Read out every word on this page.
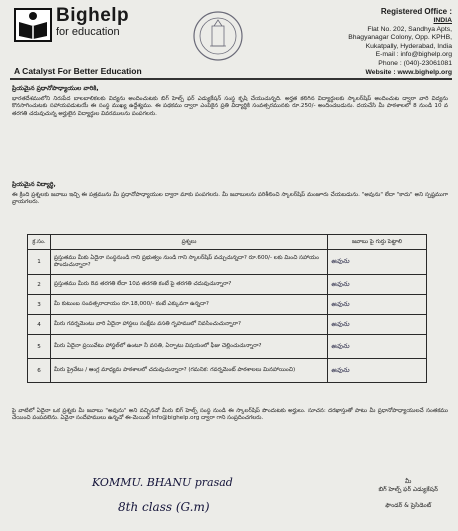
Bighelp
for education
A Catalyst For Better Education
Registered Office :
INDIA
Flat No. 202, Sandhya Apts,
Bhagyanagar Colony, Opp. KPHB,
Kukatpally, Hyderabad, India
E-mail : info@bighelp.org
Phone : (040)-23061081
Website : www.bighelp.org
ప్రియమైన ప్రధానోపాధ్యాయుల వారికి,
భారతదేశములోని నిరుపేద బాలబాలికలకు విద్యను అందించుటకు బిగ్ హెల్ప్ ఫర్ ఎడ్యుకేషన్ సంస్థ కృషి చేయుచున్నది. అర్హత కలిగిన విద్యార్థులకు స్కాలర్‌షిప్ అందించుట ద్వారా వారి విద్యను కొనసాగించుటకు సహాయపడుటయే ఈ సంస్థ ముఖ్య ఉద్దేశ్యము. ఈ పథకము ద్వారా ఎంపికైన ప్రతి విద్యార్థికి సంవత్సరమునకు రూ.250/- అందించబడును. దయచేసి మీ పాఠశాలలో 8 నుండి 10 వ తరగతి చదువుచున్న అర్హులైన విద్యార్థుల వివరములను పంపగలరు.
ప్రియమైన విద్యార్థి,
ఈ క్రింది ప్రశ్నలకు జవాబు ఇచ్చి ఈ పత్రమును మీ ప్రధానోపాధ్యాయుల ద్వారా మాకు పంపగలరు. మీ జవాబులను పరిశీలించి స్కాలర్‌షిప్ మంజూరు చేయబడును. "అవును" లేదా "కాదు" అని స్పష్టముగా వ్రాయగలరు.
క్ర.సం.	ప్రశ్నలు	జవాబు పై గుర్తు పెట్టాలి
1	ప్రస్తుతము మీకు ఏదైనా సంస్థనుండి గాని ప్రభుత్వం నుండి గాని స్కాలర్‌షిప్ వచ్చుచున్నదా? రూ.600/- లకు మించి సహాయం పొందుచున్నారా?	అవును
2	ప్రస్తుతము మీరు 8వ తరగతి లేదా 10వ తరగతి కంటే పై తరగతి చదువుచున్నారా?	అవును
3	మీ కుటుంబ సంవత్సరాదాయం రూ.18,000/- కంటే ఎక్కువగా ఉన్నదా?	అవును
4	మీరు గవర్నమెంటు వారి ఏదైనా హాస్టలు సంక్షేమ వసతి గృహములో నివసించుచున్నారా?	అవును
5	మీరు ఏదైనా ప్రయివేటు హాస్టల్‌లో ఉంటూ నీ వసతి, ఏర్పాటు విషయంలో ఫీజు చెల్లించుచున్నారా?	అవును
6	మీరు ప్రైవేటు / ఆంగ్ల మాధ్యమ పాఠశాలలో చదువుచున్నారా? (గమనిక: గవర్నమెంట్ పాఠశాలలు మినహాయించి)	అవును
పై వాటిలో ఏదైనా ఒక ప్రశ్నకు మీ జవాబు "అవును" అని వచ్చినచో మీరు బిగ్ హెల్ప్ సంస్థ నుండి ఈ స్కాలర్‌షిప్ పొందుటకు అర్హులు. సూచన: దరఖాస్తుతో పాటు మీ ప్రధానోపాధ్యాయులచే సంతకము చేయించి పంపవలెను. ఏవైనా సందేహములు ఉన్నచో ఈ-మెయిల్ info@bighelp.org ద్వారా గాని సంప్రదించగలరు.
మీ
బిగ్ హెల్ప్ ఫర్ ఎడ్యుకేషన్
ఫౌండర్ & ప్రెసిడెంట్
KOMMU. BHANU prasad
8th class (G.m)
